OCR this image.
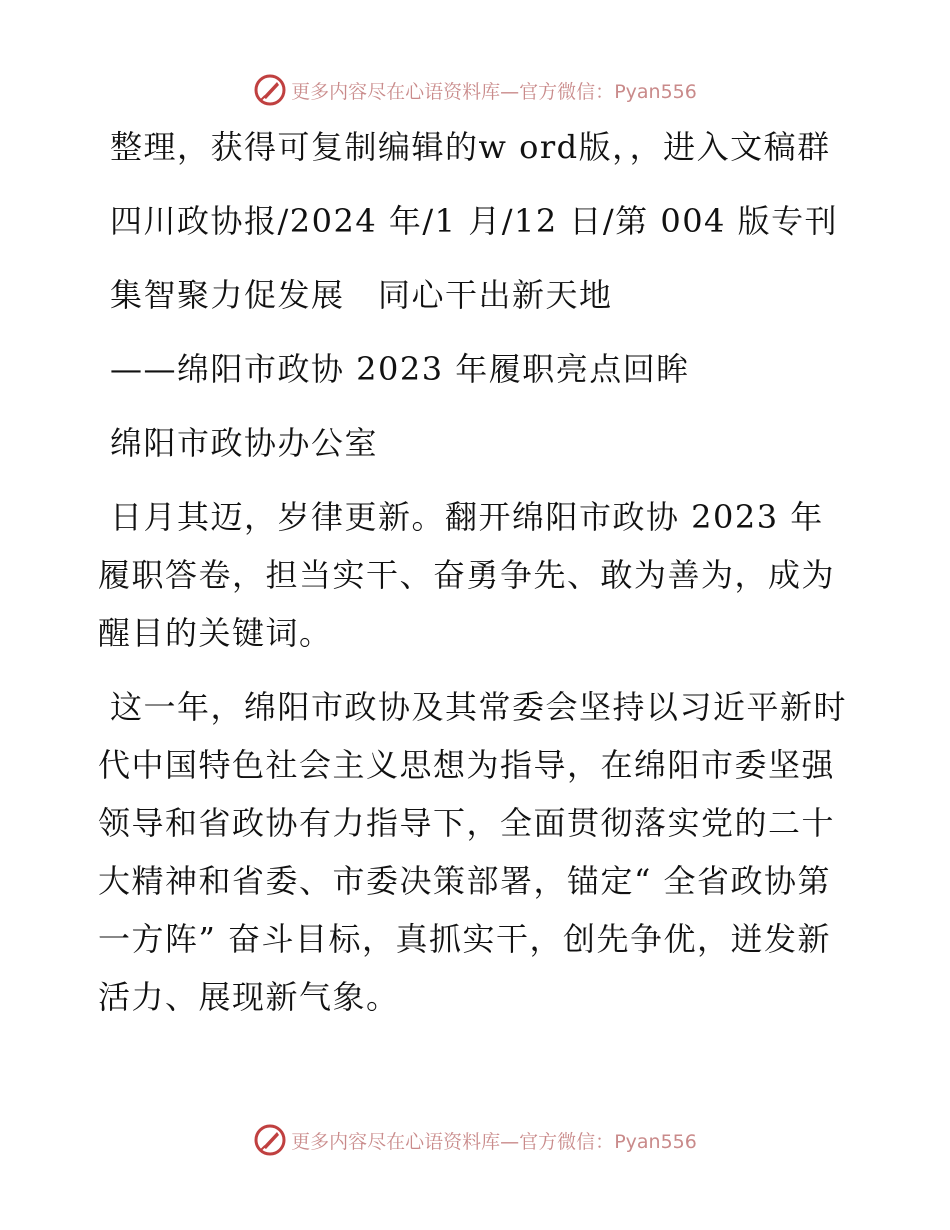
更多内容尽在心语资料库—官方微信：Pyan556

整理，获得可复制编辑的w ord版，，进入文稿群

四川政协报/2024 年/1 月/12 日/第 004 版专刊

集智聚力促发展　同心干出新天地

——绵阳市政协 2023 年履职亮点回眸

绵阳市政协办公室

日月其迈，岁律更新。翻开绵阳市政协 2023 年履职答卷，担当实干、奋勇争先、敢为善为，成为醒目的关键词。

这一年，绵阳市政协及其常委会坚持以习近平新时代中国特色社会主义思想为指导，在绵阳市委坚强领导和省政协有力指导下，全面贯彻落实党的二十大精神和省委、市委决策部署，锚定“ 全省政协第一方阵” 奋斗目标，真抓实干，创先争优，迸发新活力、展现新气象。

更多内容尽在心语资料库—官方微信：Pyan556
